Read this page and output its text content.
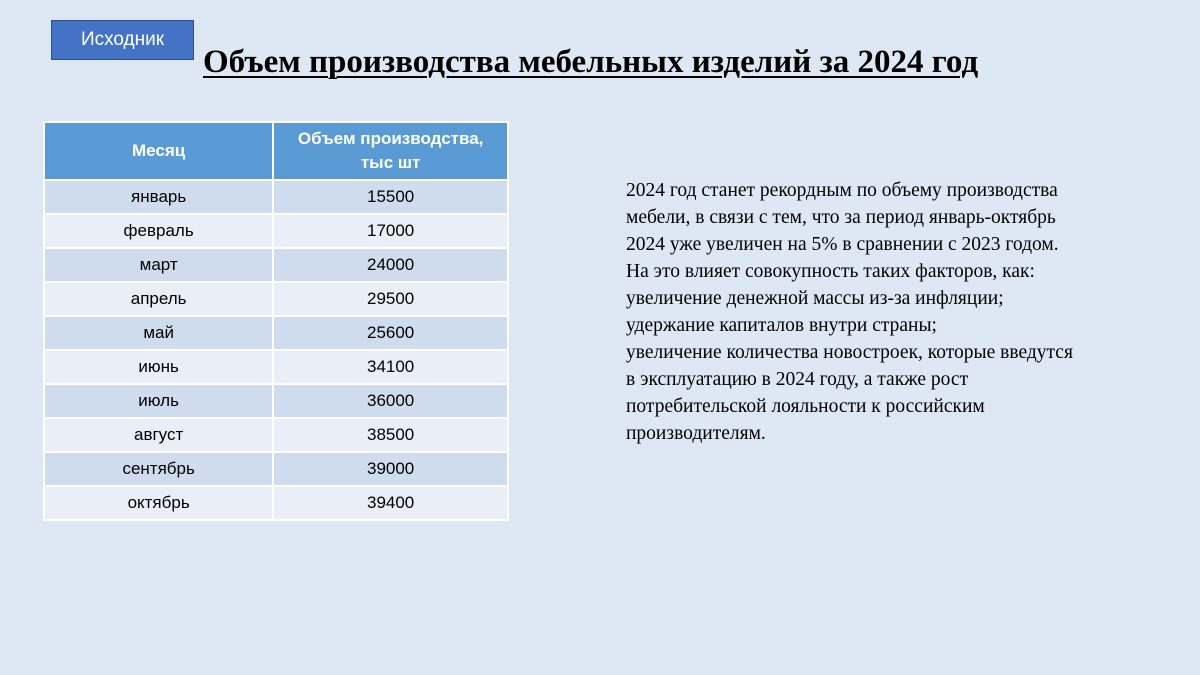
Исходник
Объем производства мебельных изделий за 2024 год
Месяц	Объем производства, тыс шт
январь	15500
февраль	17000
март	24000
апрель	29500
май	25600
июнь	34100
июль	36000
август	38500
сентябрь	39000
октябрь	39400
2024 год станет рекордным по объему производства
мебели, в связи с тем, что за период январь-октябрь
2024 уже увеличен на 5% в сравнении с 2023 годом.
На это влияет совокупность таких факторов, как:
увеличение денежной массы из-за инфляции;
удержание капиталов внутри страны;
увеличение количества новостроек, которые введутся
в эксплуатацию в 2024 году, а также рост
потребительской лояльности к российским
производителям.
